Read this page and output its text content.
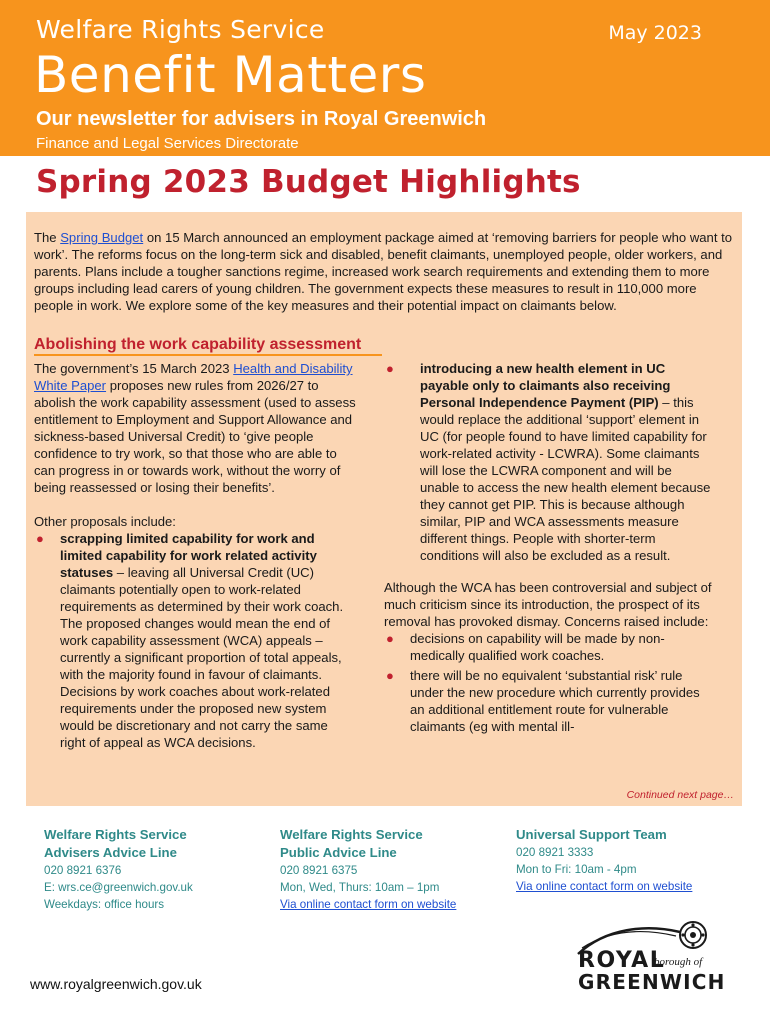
Welfare Rights Service	May 2023
Benefit Matters
Our newsletter for advisers in Royal Greenwich
Finance and Legal Services Directorate
Spring 2023 Budget Highlights

The Spring Budget on 15 March announced an employment package aimed at ‘removing barriers for people who want to work’. The reforms focus on the long-term sick and disabled, benefit claimants, unemployed people, older workers, and parents. Plans include a tougher sanctions regime, increased work search requirements and extending them to more groups including lead carers of young children. The government expects these measures to result in 110,000 more people in work. We explore some of the key measures and their potential impact on claimants below.

Abolishing the work capability assessment

The government’s 15 March 2023 Health and Disability White Paper proposes new rules from 2026/27 to abolish the work capability assessment (used to assess entitlement to Employment and Support Allowance and sickness-based Universal Credit) to ‘give people confidence to try work, so that those who are able to can progress in or towards work, without the worry of being reassessed or losing their benefits’.

Other proposals include:

● scrapping limited capability for work and limited capability for work related activity statuses – leaving all Universal Credit (UC) claimants potentially open to work-related requirements as determined by their work coach. The proposed changes would mean the end of work capability assessment (WCA) appeals – currently a significant proportion of total appeals, with the majority found in favour of claimants. Decisions by work coaches about work-related requirements under the proposed new system would be discretionary and not carry the same right of appeal as WCA decisions.
● introducing a new health element in UC payable only to claimants also receiving Personal Independence Payment (PIP) – this would replace the additional ‘support’ element in UC (for people found to have limited capability for work-related activity - LCWRA). Some claimants will lose the LCWRA component and will be unable to access the new health element because they cannot get PIP. This is because although similar, PIP and WCA assessments measure different things. People with shorter-term conditions will also be excluded as a result.

Although the WCA has been controversial and subject of much criticism since its introduction, the prospect of its removal has provoked dismay. Concerns raised include:

● decisions on capability will be made by non-medically qualified work coaches.
● there will be no equivalent ‘substantial risk’ rule under the new procedure which currently provides an additional entitlement route for vulnerable claimants (eg with mental ill-
Continued next page…
Welfare Rights Service
Advisers Advice Line
020 8921 6376
E: wrs.ce@greenwich.gov.uk
Weekdays: office hours
Welfare Rights Service
Public Advice Line
020 8921 6375
Mon, Wed, Thurs: 10am – 1pm
Via online contact form on website
Universal Support Team
020 8921 3333
Mon to Fri: 10am - 4pm
Via online contact form on website
www.royalgreenwich.gov.uk
ROYAL
borough of
GREENWICH
